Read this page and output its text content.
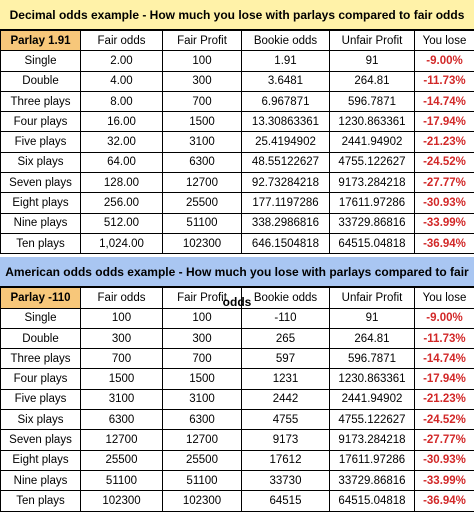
Decimal odds example - How much you lose with parlays compared to fair odds
Parlay 1.91	Fair odds	Fair Profit	Bookie odds	Unfair Profit	You lose
Single	2.00	100	1.91	91	-9.00%
Double	4.00	300	3.6481	264.81	-11.73%
Three plays	8.00	700	6.967871	596.7871	-14.74%
Four plays	16.00	1500	13.30863361	1230.863361	-17.94%
Five plays	32.00	3100	25.4194902	2441.94902	-21.23%
Six plays	64.00	6300	48.55122627	4755.122627	-24.52%
Seven plays	128.00	12700	92.73284218	9173.284218	-27.77%
Eight plays	256.00	25500	177.1197286	17611.97286	-30.93%
Nine plays	512.00	51100	338.2986816	33729.86816	-33.99%
Ten plays	1,024.00	102300	646.1504818	64515.04818	-36.94%
American odds odds example - How much you lose with parlays compared to fair odds
Parlay -110	Fair odds	Fair Profit	Bookie odds	Unfair Profit	You lose
Single	100	100	-110	91	-9.00%
Double	300	300	265	264.81	-11.73%
Three plays	700	700	597	596.7871	-14.74%
Four plays	1500	1500	1231	1230.863361	-17.94%
Five plays	3100	3100	2442	2441.94902	-21.23%
Six plays	6300	6300	4755	4755.122627	-24.52%
Seven plays	12700	12700	9173	9173.284218	-27.77%
Eight plays	25500	25500	17612	17611.97286	-30.93%
Nine plays	51100	51100	33730	33729.86816	-33.99%
Ten plays	102300	102300	64515	64515.04818	-36.94%
